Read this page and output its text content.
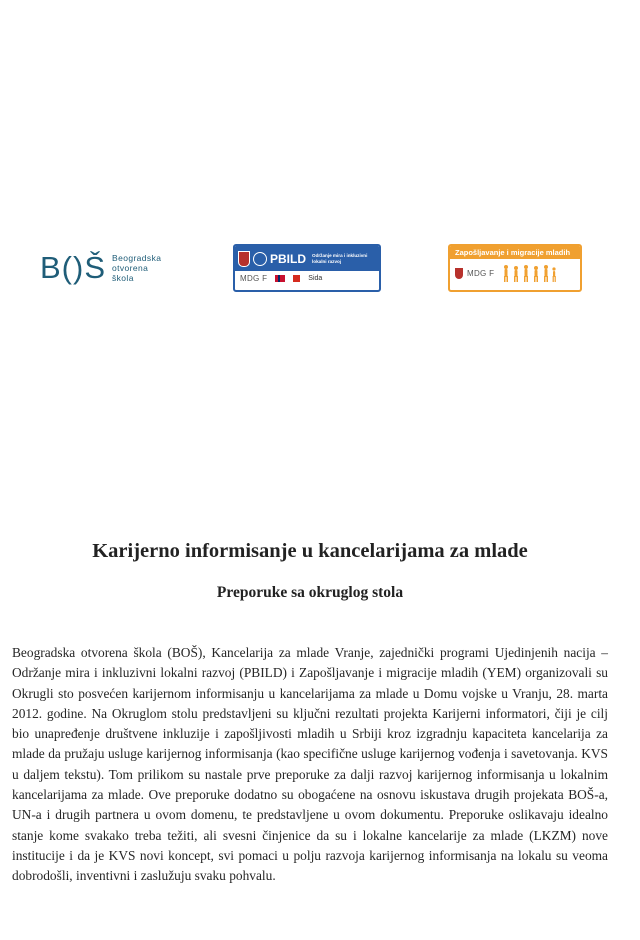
B()Š Beogradska
otvorena
škola
PBILD Održanje mira i inkluzivni lokalni razvoj
MDG F	Sida
Zapošljavanje i migracije mladih
MDG F
Karijerno informisanje u kancelarijama za mlade
Preporuke sa okruglog stola

Beogradska otvorena škola (BOŠ), Kancelarija za mlade Vranje, zajednički programi Ujedinjenih nacija – Održanje mira i inkluzivni lokalni razvoj (PBILD) i Zapošljavanje i migracije mladih (YEM) organizovali su Okrugli sto posvećen karijernom informisanju u kancelarijama za mlade u Domu vojske u Vranju, 28. marta 2012. godine. Na Okruglom stolu predstavljeni su ključni rezultati projekta Karijerni informatori, čiji je cilj bio unapređenje društvene inkluzije i zapošljivosti mladih u Srbiji kroz izgradnju kapaciteta kancelarija za mlade da pružaju usluge karijernog informisanja (kao specifične usluge karijernog vođenja i savetovanja. KVS u daljem tekstu). Tom prilikom su nastale prve preporuke za dalji razvoj karijernog informisanja u lokalnim kancelarijama za mlade. Ove preporuke dodatno su obogaćene na osnovu iskustava drugih projekata BOŠ-a, UN-a i drugih partnera u ovom domenu, te predstavljene u ovom dokumentu. Preporuke oslikavaju idealno stanje kome svakako treba težiti, ali svesni činjenice da su i lokalne kancelarije za mlade (LKZM) nove institucije i da je KVS novi koncept, svi pomaci u polju razvoja karijernog informisanja na lokalu su veoma dobrodošli, inventivni i zaslužuju svaku pohvalu.
